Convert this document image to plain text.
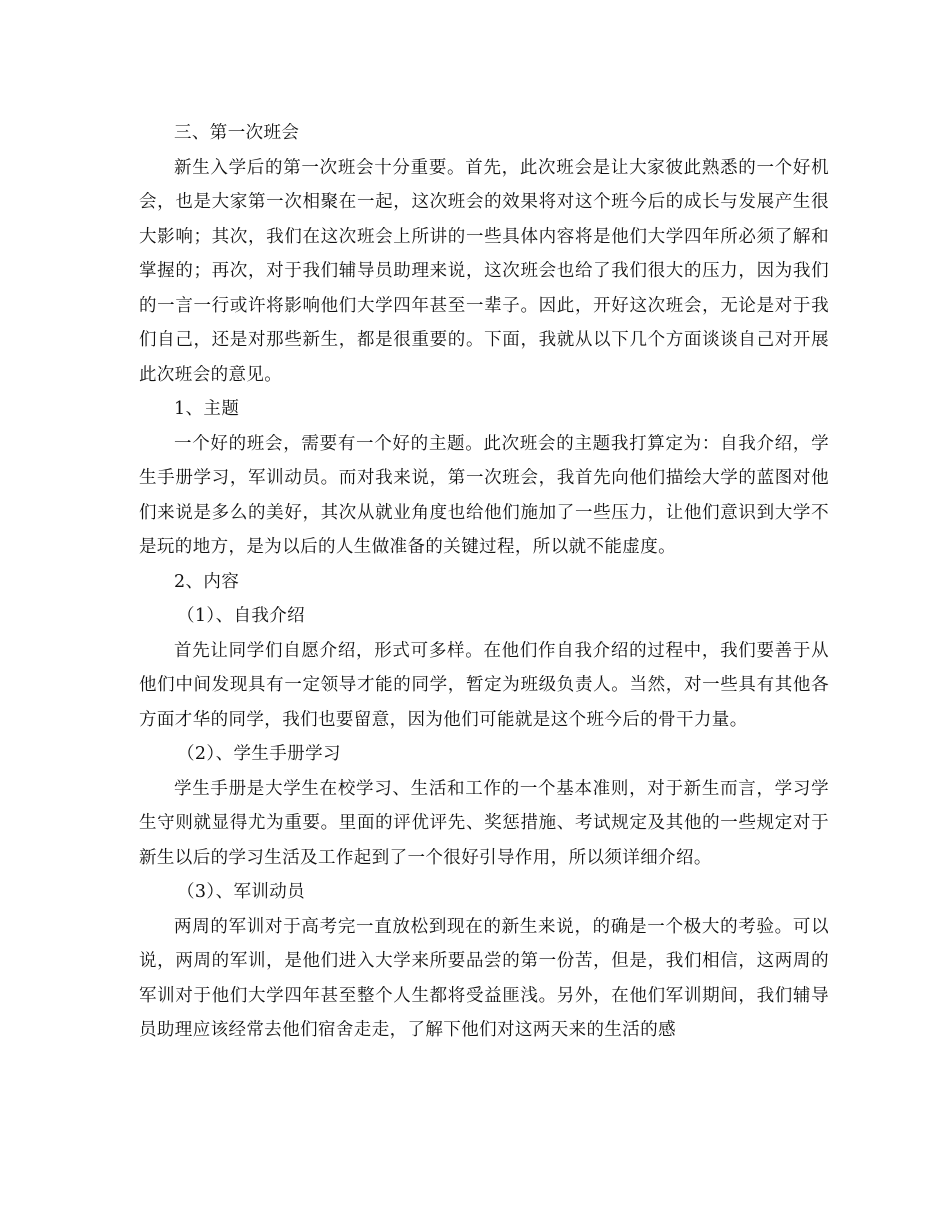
三、第一次班会

新生入学后的第一次班会十分重要。首先，此次班会是让大家彼此熟悉的一个好机会，也是大家第一次相聚在一起，这次班会的效果将对这个班今后的成长与发展产生很大影响；其次，我们在这次班会上所讲的一些具体内容将是他们大学四年所必须了解和掌握的；再次，对于我们辅导员助理来说，这次班会也给了我们很大的压力，因为我们的一言一行或许将影响他们大学四年甚至一辈子。因此，开好这次班会，无论是对于我们自己，还是对那些新生，都是很重要的。下面，我就从以下几个方面谈谈自己对开展此次班会的意见。

1、主题

一个好的班会，需要有一个好的主题。此次班会的主题我打算定为：自我介绍，学生手册学习，军训动员。而对我来说，第一次班会，我首先向他们描绘大学的蓝图对他们来说是多么的美好，其次从就业角度也给他们施加了一些压力，让他们意识到大学不是玩的地方，是为以后的人生做准备的关键过程，所以就不能虚度。

2、内容

（1）、自我介绍

首先让同学们自愿介绍，形式可多样。在他们作自我介绍的过程中，我们要善于从他们中间发现具有一定领导才能的同学，暂定为班级负责人。当然，对一些具有其他各方面才华的同学，我们也要留意，因为他们可能就是这个班今后的骨干力量。

（2）、学生手册学习

学生手册是大学生在校学习、生活和工作的一个基本准则，对于新生而言，学习学生守则就显得尤为重要。里面的评优评先、奖惩措施、考试规定及其他的一些规定对于新生以后的学习生活及工作起到了一个很好引导作用，所以须详细介绍。

（3）、军训动员

两周的军训对于高考完一直放松到现在的新生来说，的确是一个极大的考验。可以说，两周的军训，是他们进入大学来所要品尝的第一份苦，但是，我们相信，这两周的军训对于他们大学四年甚至整个人生都将受益匪浅。另外，在他们军训期间，我们辅导员助理应该经常去他们宿舍走走，了解下他们对这两天来的生活的感
